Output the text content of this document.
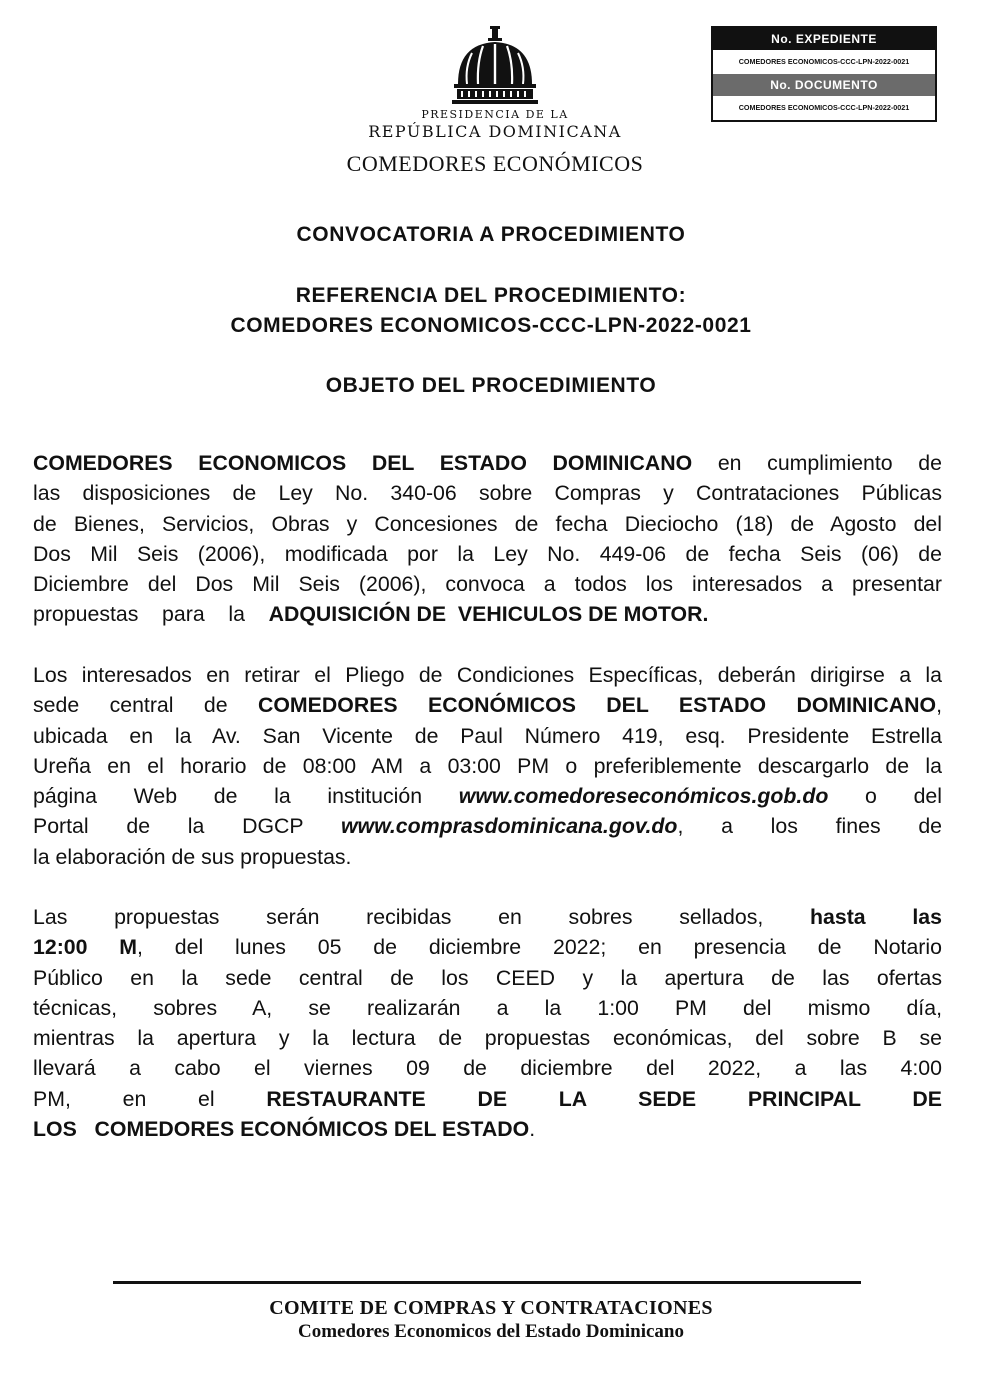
PRESIDENCIA DE LA
REPÚBLICA DOMINICANA
COMEDORES ECONÓMICOS
No. EXPEDIENTE
COMEDORES ECONOMICOS-CCC-LPN-2022-0021
No. DOCUMENTO
COMEDORES ECONOMICOS-CCC-LPN-2022-0021
CONVOCATORIA A PROCEDIMIENTO
REFERENCIA DEL PROCEDIMIENTO:
COMEDORES ECONOMICOS-CCC-LPN-2022-0021
OBJETO DEL PROCEDIMIENTO
COMEDORES ECONOMICOS DEL ESTADO DOMINICANO en cumplimiento de
las disposiciones de Ley No. 340-06 sobre Compras y Contrataciones Públicas
de Bienes, Servicios, Obras y Concesiones de fecha Dieciocho (18) de Agosto del
Dos Mil Seis (2006), modificada por la Ley No. 449-06 de fecha Seis (06) de
Diciembre del Dos Mil Seis (2006), convoca a todos los interesados a presentar
propuestas    para    la ADQUISICIÓN DE  VEHICULOS DE MOTOR.
Los interesados en retirar el Pliego de Condiciones Específicas, deberán dirigirse a la
sede central de COMEDORES ECONÓMICOS DEL ESTADO DOMINICANO,
ubicada en la Av. San Vicente de Paul Número 419, esq. Presidente Estrella
Ureña en el horario de 08:00 AM a 03:00 PM o preferiblemente descargarlo de la
página Web de la institución www.comedoreseconómicos.gob.do o del
Portal de la DGCP www.comprasdominicana.gov.do, a los fines de
la elaboración de sus propuestas.
Las propuestas serán recibidas en sobres sellados, hasta las
12:00 M, del lunes 05 de diciembre 2022; en presencia de Notario
Público en la sede central de los CEED y la apertura de las ofertas
técnicas, sobres A, se realizarán a la 1:00 PM del mismo día,
mientras la apertura y la lectura de propuestas económicas, del sobre B se
llevará a cabo el viernes 09 de diciembre del 2022, a las 4:00
PM, en el RESTAURANTE DE LA SEDE PRINCIPAL DE
LOS   COMEDORES ECONÓMICOS DEL ESTADO.
COMITE DE COMPRAS Y CONTRATACIONES
Comedores Economicos del Estado Dominicano
